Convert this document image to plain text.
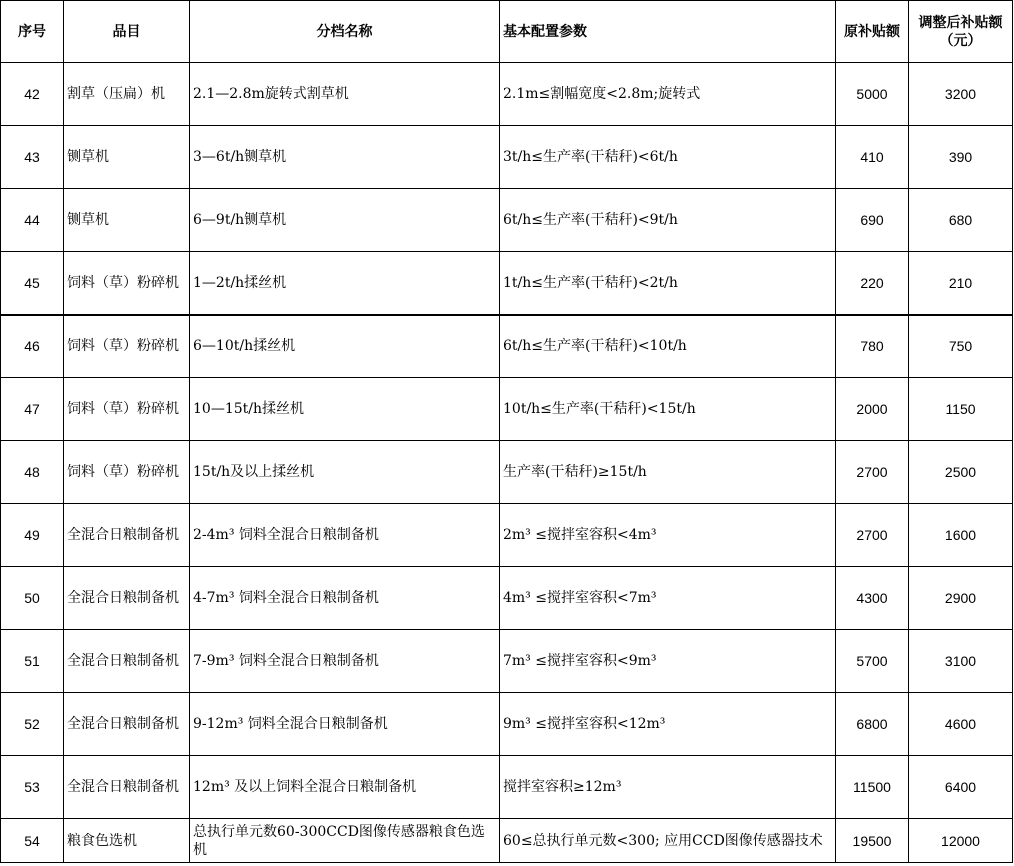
序号	品目	分档名称	基本配置参数	原补贴额	调整后补贴额（元）
42	割草（压扁）机	2.1—2.8m旋转式割草机	2.1m≤割幅宽度<2.8m;旋转式	5000	3200
43	铡草机	3—6t/h铡草机	3t/h≤生产率(干秸秆)<6t/h	410	390
44	铡草机	6—9t/h铡草机	6t/h≤生产率(干秸秆)<9t/h	690	680
45	饲料（草）粉碎机	1—2t/h揉丝机	1t/h≤生产率(干秸秆)<2t/h	220	210
46	饲料（草）粉碎机	6—10t/h揉丝机	6t/h≤生产率(干秸秆)<10t/h	780	750
47	饲料（草）粉碎机	10—15t/h揉丝机	10t/h≤生产率(干秸秆)<15t/h	2000	1150
48	饲料（草）粉碎机	15t/h及以上揉丝机	生产率(干秸秆)≥15t/h	2700	2500
49	全混合日粮制备机	2-4m³ 饲料全混合日粮制备机	2m³ ≤搅拌室容积<4m³	2700	1600
50	全混合日粮制备机	4-7m³ 饲料全混合日粮制备机	4m³ ≤搅拌室容积<7m³	4300	2900
51	全混合日粮制备机	7-9m³ 饲料全混合日粮制备机	7m³ ≤搅拌室容积<9m³	5700	3100
52	全混合日粮制备机	9-12m³ 饲料全混合日粮制备机	9m³ ≤搅拌室容积<12m³	6800	4600
53	全混合日粮制备机	12m³ 及以上饲料全混合日粮制备机	搅拌室容积≥12m³	11500	6400
54	粮食色选机	总执行单元数60-300CCD图像传感器粮食色选机	60≤总执行单元数<300; 应用CCD图像传感器技术	19500	12000
